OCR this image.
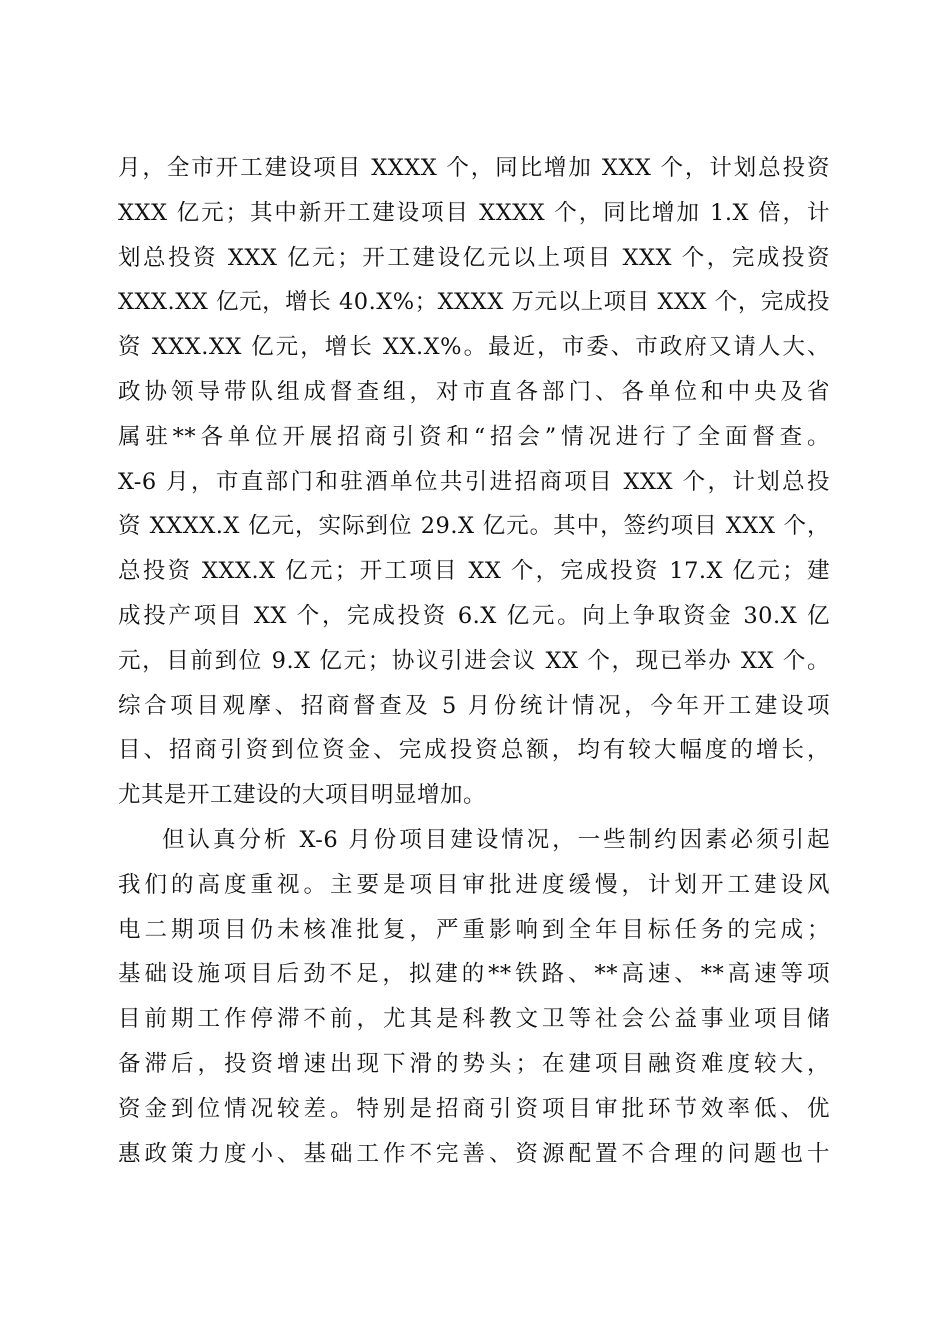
月，全市开工建设项目 XXXX 个，同比增加 XXX 个，计划总投资
XXX 亿元；其中新开工建设项目 XXXX 个，同比增加 1.X 倍，计
划总投资 XXX 亿元；开工建设亿元以上项目 XXX 个，完成投资
XXX.XX 亿元，增长 40.X%；XXXX 万元以上项目 XXX 个，完成投
资 XXX.XX 亿元，增长 XX.X%。最近，市委、市政府又请人大、
政协领导带队组成督查组，对市直各部门、各单位和中央及省
属驻**各单位开展招商引资和“招会”情况进行了全面督查。
X-6 月，市直部门和驻酒单位共引进招商项目 XXX 个，计划总投
资 XXXX.X 亿元，实际到位 29.X 亿元。其中，签约项目 XXX 个，
总投资 XXX.X 亿元；开工项目 XX 个，完成投资 17.X 亿元；建
成投产项目 XX 个，完成投资 6.X 亿元。向上争取资金 30.X 亿
元，目前到位 9.X 亿元；协议引进会议 XX 个，现已举办 XX 个。
综合项目观摩、招商督查及 5 月份统计情况，今年开工建设项
目、招商引资到位资金、完成投资总额，均有较大幅度的增长，
尤其是开工建设的大项目明显增加。
但认真分析 X-6 月份项目建设情况，一些制约因素必须引起
我们的高度重视。主要是项目审批进度缓慢，计划开工建设风
电二期项目仍未核准批复，严重影响到全年目标任务的完成；
基础设施项目后劲不足，拟建的**铁路、**高速、**高速等项
目前期工作停滞不前，尤其是科教文卫等社会公益事业项目储
备滞后，投资增速出现下滑的势头；在建项目融资难度较大，
资金到位情况较差。特别是招商引资项目审批环节效率低、优
惠政策力度小、基础工作不完善、资源配置不合理的问题也十
